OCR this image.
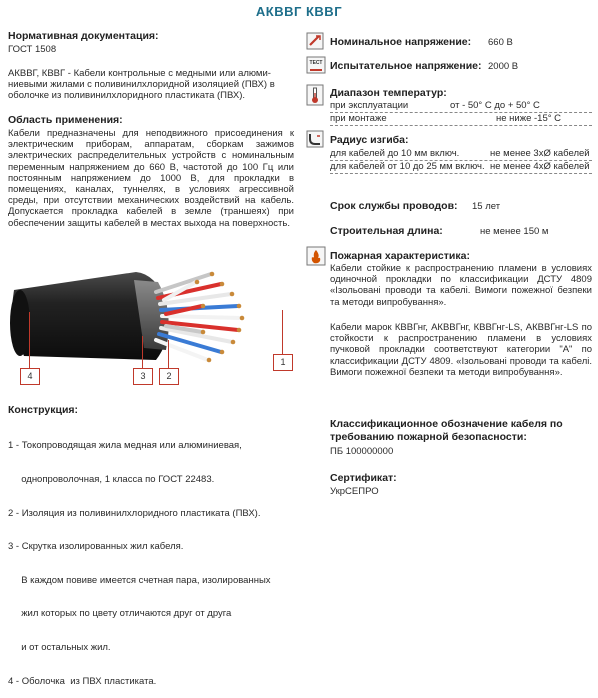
АКВВГ КВВГ
Нормативная документация:
ГОСТ 1508
АКВВГ, КВВГ - Кабели контрольные с медными или алюминиевыми жилами с поливинилхлоридной изоляцией (ПВХ) в оболочке из поливинилхлоридного пластиката (ПВХ).
Область применения:
Кабели предназначены для неподвижного присоединения к электрическим приборам, аппаратам, сборкам зажимов электрических распределительных устройств с номинальным переменным напряжением до 660 В, частотой до 100 Гц или постоянным напряжением до 1000 В, для прокладки в помещениях, каналах, туннелях, в условиях агрессивной среды, при отсутствии механических воздействий на кабель. Допускается прокладка кабелей в земле (траншеях) при обеспечении защиты кабелей в местах выхода на поверхность.
4	3	2
1
Конструкция:

1 - Токопроводящая жила медная или алюминиевая,

однопроволочная, 1 класса по ГОСТ 22483.

2 - Изоляция из поливинилхлоридного пластиката (ПВХ).

3 - Скрутка изолированных жил кабеля.

В каждом повиве имеется счетная пара, изолированных

жил которых по цвету отличаются друг от друга

и от остальных жил.

4 - Оболочка  из ПВХ пластиката.

Номинальное напряжение: 660 В
ТЕСТ Испытательное напряжение: 2000 В
Диапазон температур:
при эксплуатации	от - 50° С до + 50° С
при монтаже	не ниже -15° С
Радиус изгиба:
для кабелей до 10 мм включ.	не менее 3хØ кабелей
для кабелей от 10 до 25 мм включ. не менее 4хØ кабелей
Срок службы проводов: 15 лет
Строительная длина:	не менее 150 м
Пожарная характеристика:
Кабели стойкие к распространению пламени в условиях одиночной прокладки по классификации ДСТУ 4809 «Ізольовані проводи та кабелі. Вимоги пожежної безпеки та методи випробування».
Кабели марок КВВГнг, АКВВГнг, КВВГнг-LS, АКВВГнг-LS по стойкости к распространению пламени в условиях пучковой прокладки соответствуют категории "А" по классификации ДСТУ 4809. «Ізольовані проводи та кабелі. Вимоги пожежної безпеки та методи випробування».
Классификационное обозначение кабеля по требованию пожарной безопасности:
ПБ 100000000
Сертификат:
УкрСЕПРО
